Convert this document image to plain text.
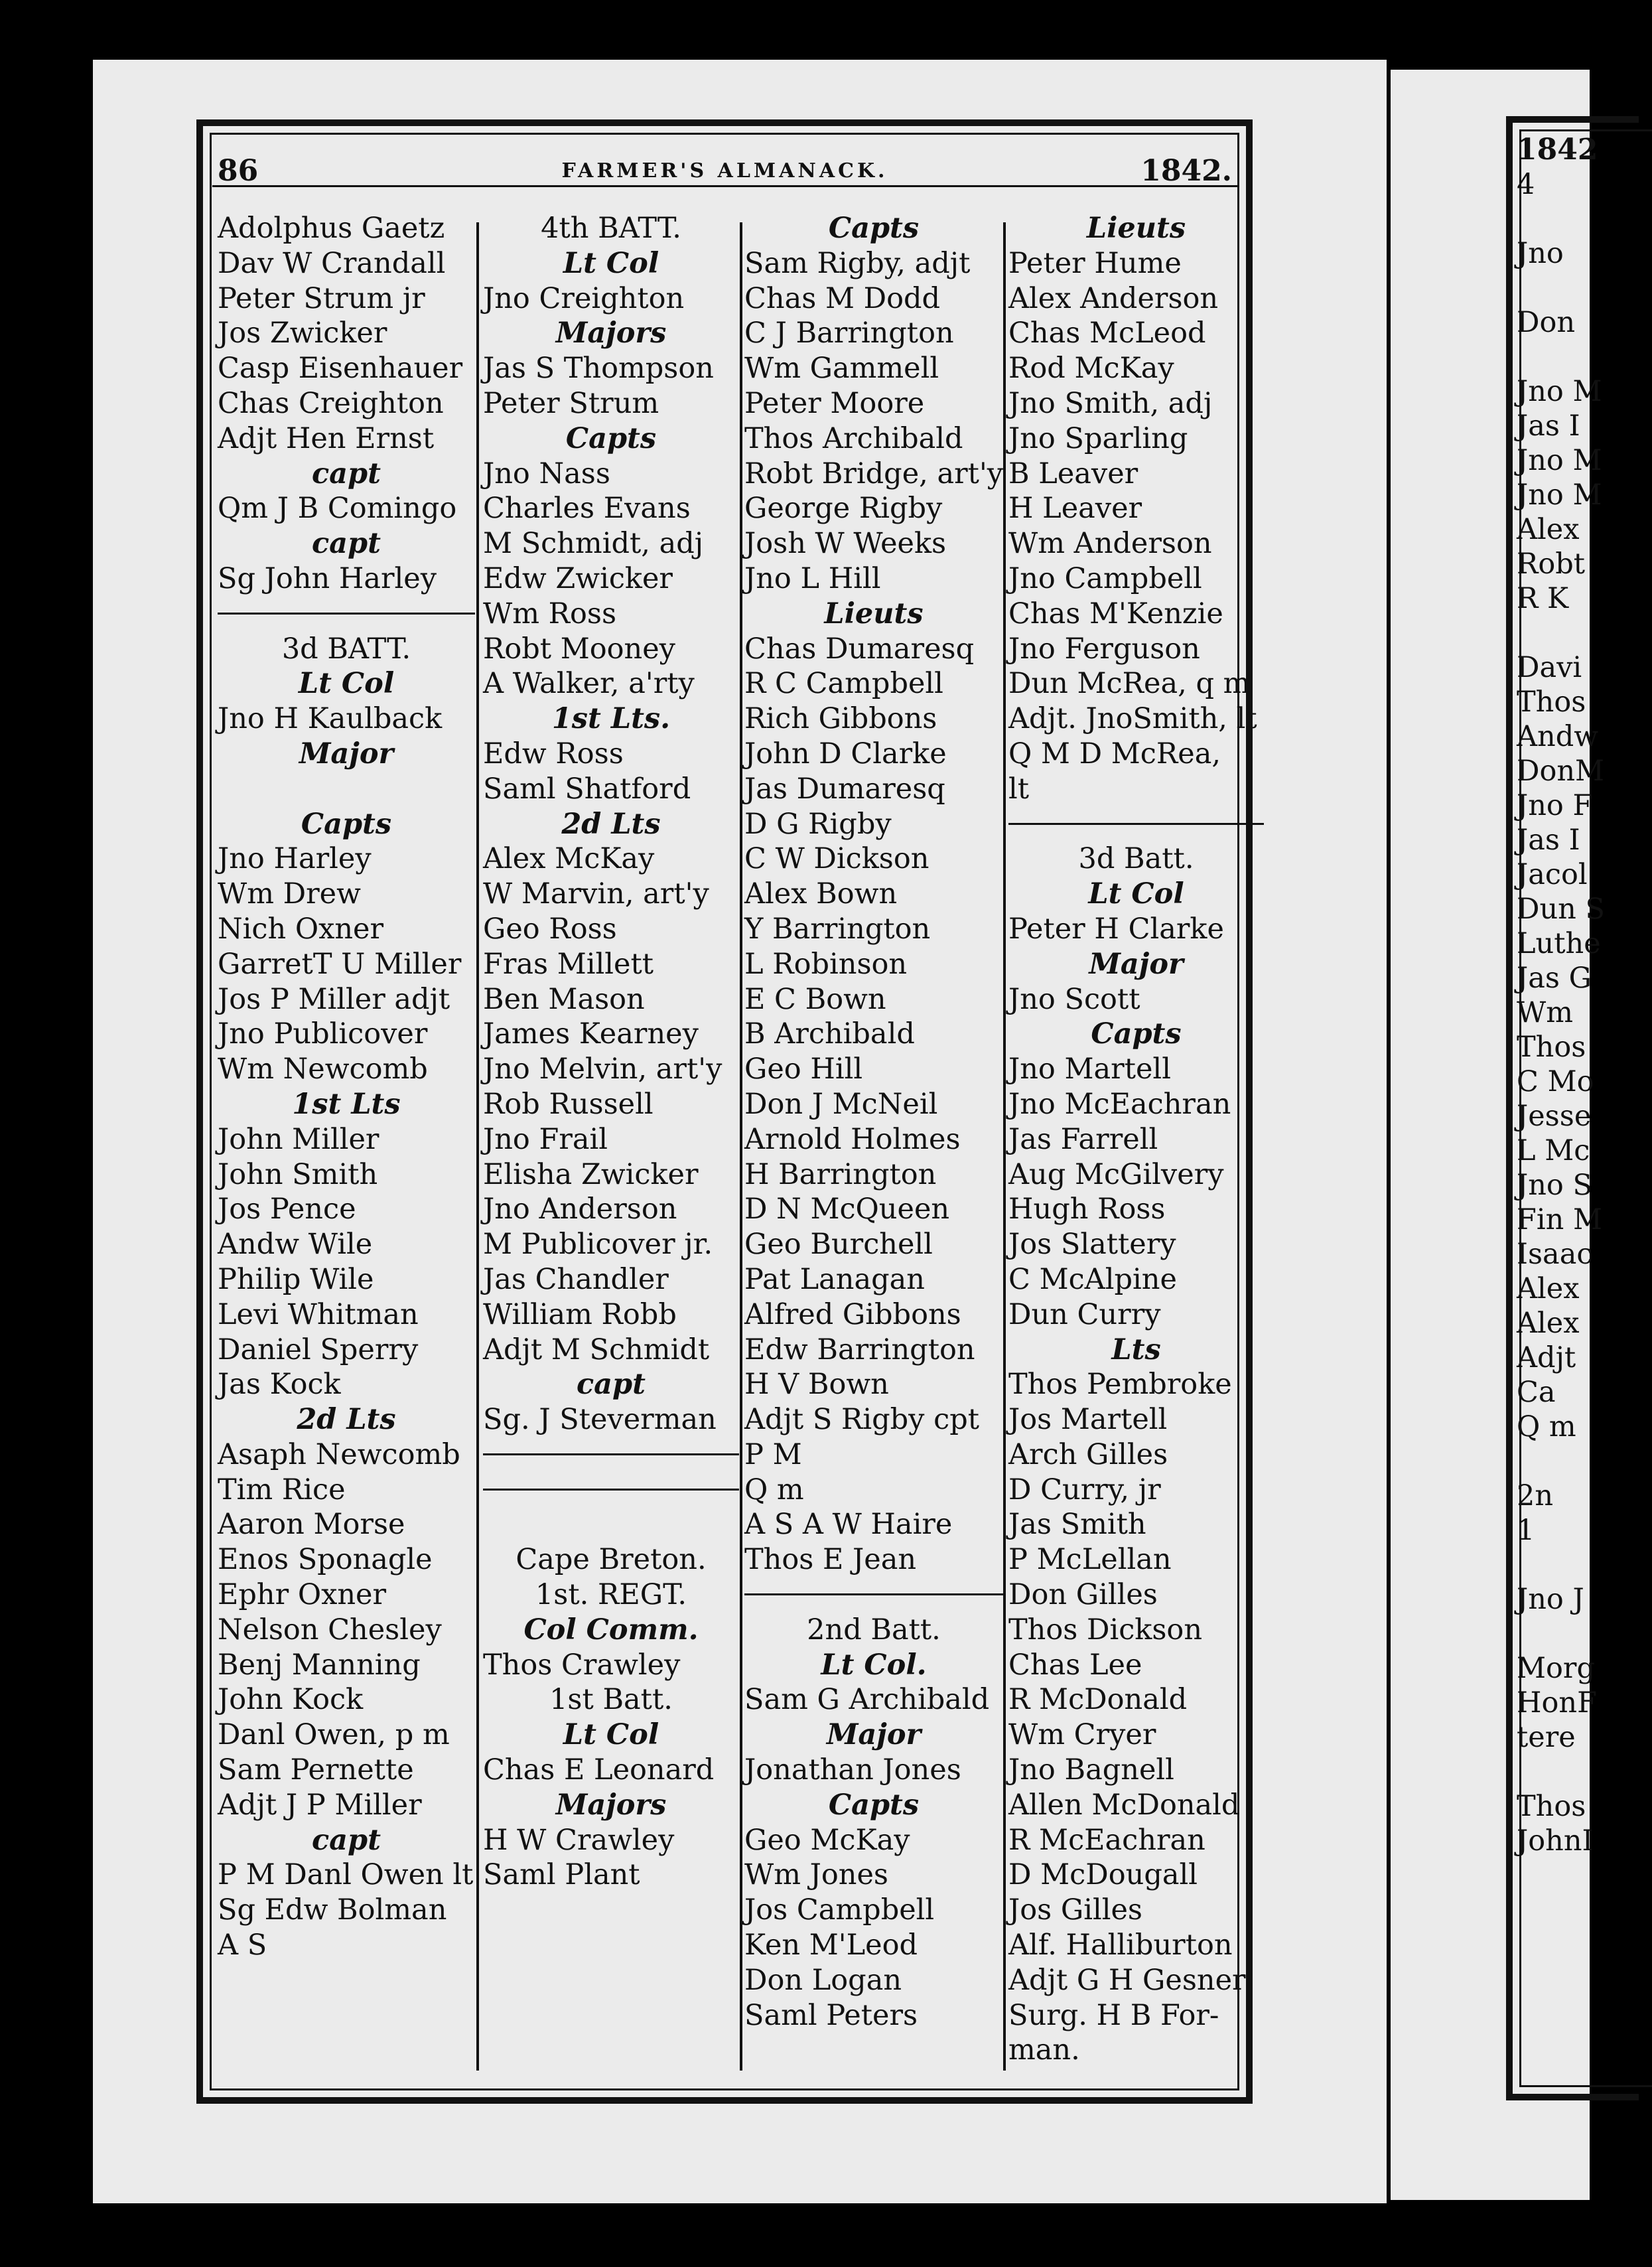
86	FARMER'S ALMANACK.	1842.
Adolphus Gaetz
Dav W Crandall
Peter Strum jr
Jos Zwicker
Casp Eisenhauer
Chas Creighton
Adjt Hen Ernst
capt
Qm J B Comingo
capt
Sg John Harley
3d BATT.
Lt Col
Jno H Kaulback
Major
Capts
Jno Harley
Wm Drew
Nich Oxner
GarretT U Miller
Jos P Miller adjt
Jno Publicover
Wm Newcomb
1st Lts
John Miller
John Smith
Jos Pence
Andw Wile
Philip Wile
Levi Whitman
Daniel Sperry
Jas Kock
2d Lts
Asaph Newcomb
Tim Rice
Aaron Morse
Enos Sponagle
Ephr Oxner
Nelson Chesley
Benj Manning
John Kock
Danl Owen, p m
Sam Pernette
Adjt J P Miller
capt
P M Danl Owen lt
Sg Edw Bolman
A S
4th BATT.
Lt Col
Jno Creighton
Majors
Jas S Thompson
Peter Strum
Capts
Jno Nass
Charles Evans
M Schmidt, adj
Edw Zwicker
Wm Ross
Robt Mooney
A Walker, a'rty
1st Lts.
Edw Ross
Saml Shatford
2d Lts
Alex McKay
W Marvin, art'y
Geo Ross
Fras Millett
Ben Mason
James Kearney
Jno Melvin, art'y
Rob Russell
Jno Frail
Elisha Zwicker
Jno Anderson
M Publicover jr.
Jas Chandler
William Robb
Adjt M Schmidt
capt
Sg. J Steverman
Cape Breton.
1st. REGT.
Col Comm.
Thos Crawley
1st Batt.
Lt Col
Chas E Leonard
Majors
H W Crawley
Saml Plant
Capts
Sam Rigby, adjt
Chas M Dodd
C J Barrington
Wm Gammell
Peter Moore
Thos Archibald
Robt Bridge, art'y
George Rigby
Josh W Weeks
Jno L Hill
Lieuts
Chas Dumaresq
R C Campbell
Rich Gibbons
John D Clarke
Jas Dumaresq
D G Rigby
C W Dickson
Alex Bown
Y Barrington
L Robinson
E C Bown
B Archibald
Geo Hill
Don J McNeil
Arnold Holmes
H Barrington
D N McQueen
Geo Burchell
Pat Lanagan
Alfred Gibbons
Edw Barrington
H V Bown
Adjt S Rigby cpt
P M
Q m
A S A W Haire
Thos E Jean
2nd Batt.
Lt Col.
Sam G Archibald
Major
Jonathan Jones
Capts
Geo McKay
Wm Jones
Jos Campbell
Ken M'Leod
Don Logan
Saml Peters
Lieuts
Peter Hume
Alex Anderson
Chas McLeod
Rod McKay
Jno Smith, adj
Jno Sparling
B Leaver
H Leaver
Wm Anderson
Jno Campbell
Chas M'Kenzie
Jno Ferguson
Dun McRea, q m
Adjt. JnoSmith, lt
Q M D McRea,
lt
3d Batt.
Lt Col
Peter H Clarke
Major
Jno Scott
Capts
Jno Martell
Jno McEachran
Jas Farrell
Aug McGilvery
Hugh Ross
Jos Slattery
C McAlpine
Dun Curry
Lts
Thos Pembroke
Jos Martell
Arch Gilles
D Curry, jr
Jas Smith
P McLellan
Don Gilles
Thos Dickson
Chas Lee
R McDonald
Wm Cryer
Jno Bagnell
Allen McDonald
R McEachran
D McDougall
Jos Gilles
Alf. Halliburton
Adjt G H Gesner
Surg. H B For-
man.
1842
4
Jno
Don
Jno M
Jas I
Jno M
Jno M
Alex
Robt
R K
Davi
Thos
Andw
DonM
Jno F
Jas I
Jacol
Dun S
Luthe
Jas G
Wm
Thos
C Mo
Jesse
L Mc
Jno S
Fin M
Isaac
Alex
Alex
Adjt
Ca
Q m
2n
1
Jno J
Morg
HonF
tere
Thos
JohnI
